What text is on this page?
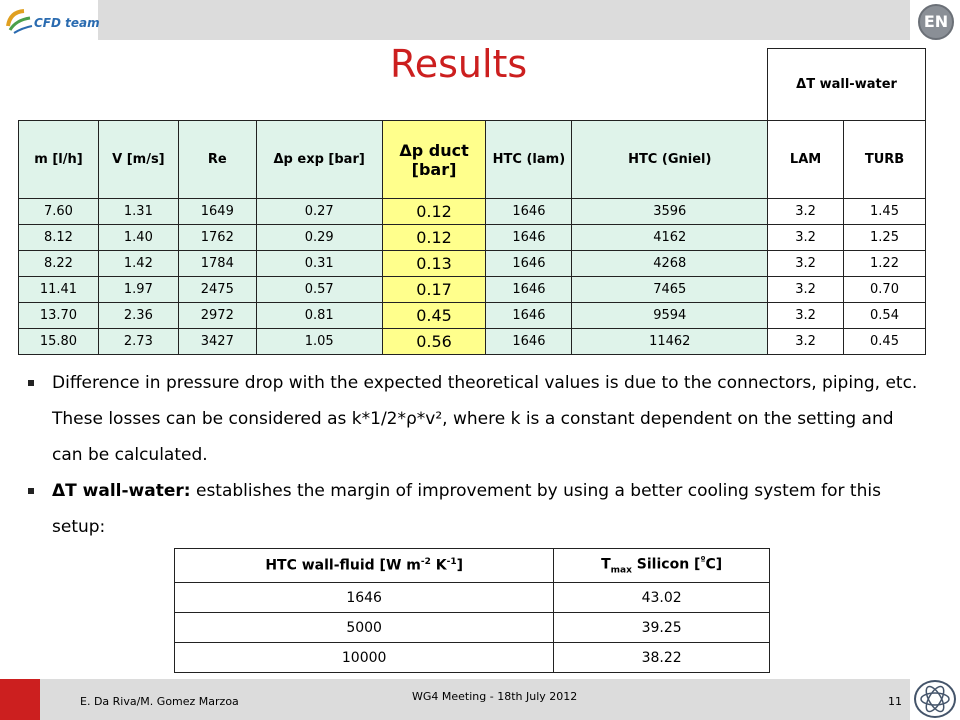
CFD team	EN
Results
							ΔT wall-water	
m [l/h]	V [m/s]	Re	Δp exp [bar]	Δp duct [bar]	HTC (lam)	HTC (Gniel)	LAM	TURB
7.60	1.31	1649	0.27	0.12	1646	3596	3.2	1.45
8.12	1.40	1762	0.29	0.12	1646	4162	3.2	1.25
8.22	1.42	1784	0.31	0.13	1646	4268	3.2	1.22
11.41	1.97	2475	0.57	0.17	1646	7465	3.2	0.70
13.70	2.36	2972	0.81	0.45	1646	9594	3.2	0.54
15.80	2.73	3427	1.05	0.56	1646	11462	3.2	0.45
Difference in pressure drop with the expected theoretical values is due to the connectors, piping, etc. These losses can be considered as k*1/2*ρ*v², where k is a constant dependent on the setting and can be calculated.
ΔT wall-water: establishes the margin of improvement by using a better cooling system for this setup:
HTC wall-fluid [W $m^{-2}$ $K^{-1}$]	$T_{max}$ Silicon [$^º$C]
1646	43.02
5000	39.25
10000	38.22
E. Da Riva/M. Gomez Marzoa	WG4 Meeting - 18th July 2012	11
